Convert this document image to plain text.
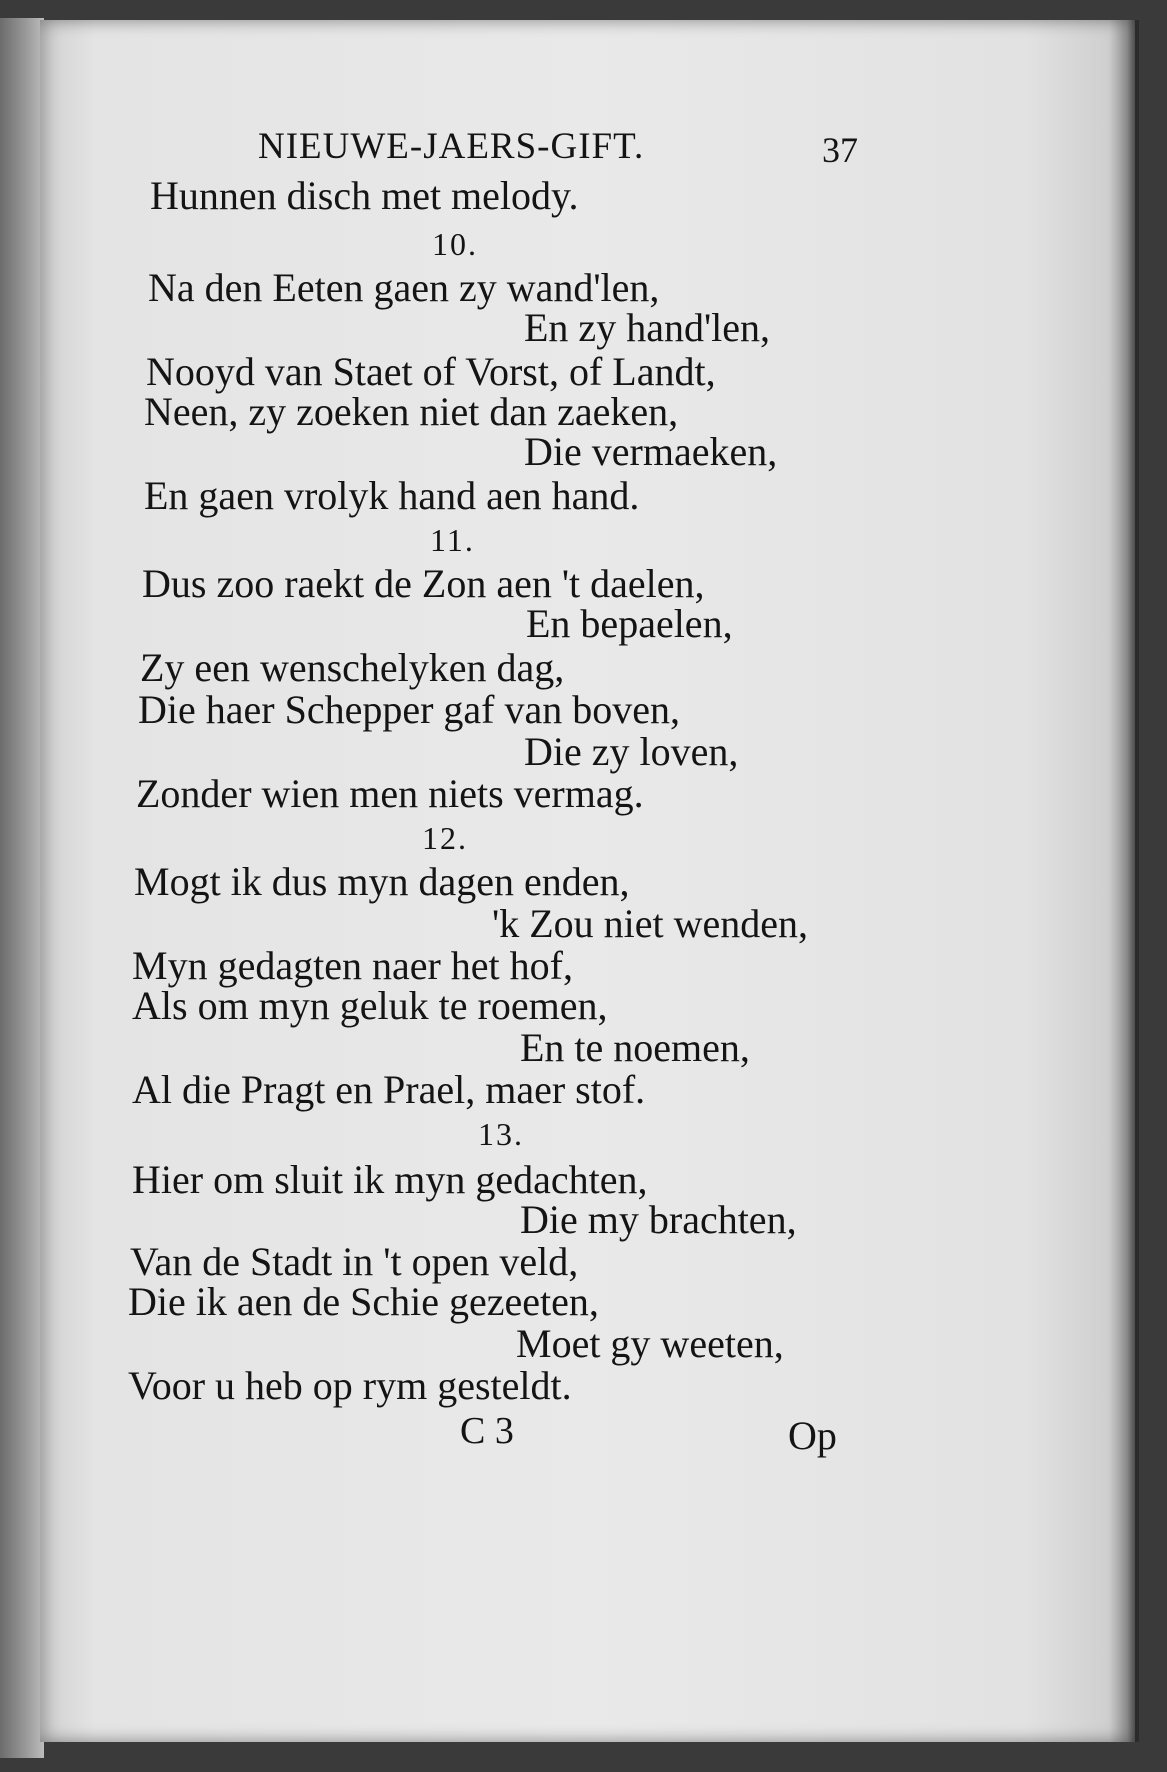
NIEUWE-JAERS-GIFT.	37

Hunnen disch met melody.

10.

Na den Eeten gaen zy wand'len,

En zy hand'len,

Nooyd van Staet of Vorst, of Landt,

Neen, zy zoeken niet dan zaeken,

Die vermaeken,

En gaen vrolyk hand aen hand.

11.

Dus zoo raekt de Zon aen 't daelen,

En bepaelen,

Zy een wenschelyken dag,

Die haer Schepper gaf van boven,

Die zy loven,

Zonder wien men niets vermag.

12.

Mogt ik dus myn dagen enden,

'k Zou niet wenden,

Myn gedagten naer het hof,

Als om myn geluk te roemen,

En te noemen,

Al die Pragt en Prael, maer stof.

13.

Hier om sluit ik myn gedachten,

Die my brachten,

Van de Stadt in 't open veld,

Die ik aen de Schie gezeeten,

Moet gy weeten,

Voor u heb op rym gesteldt.

C 3	Op
